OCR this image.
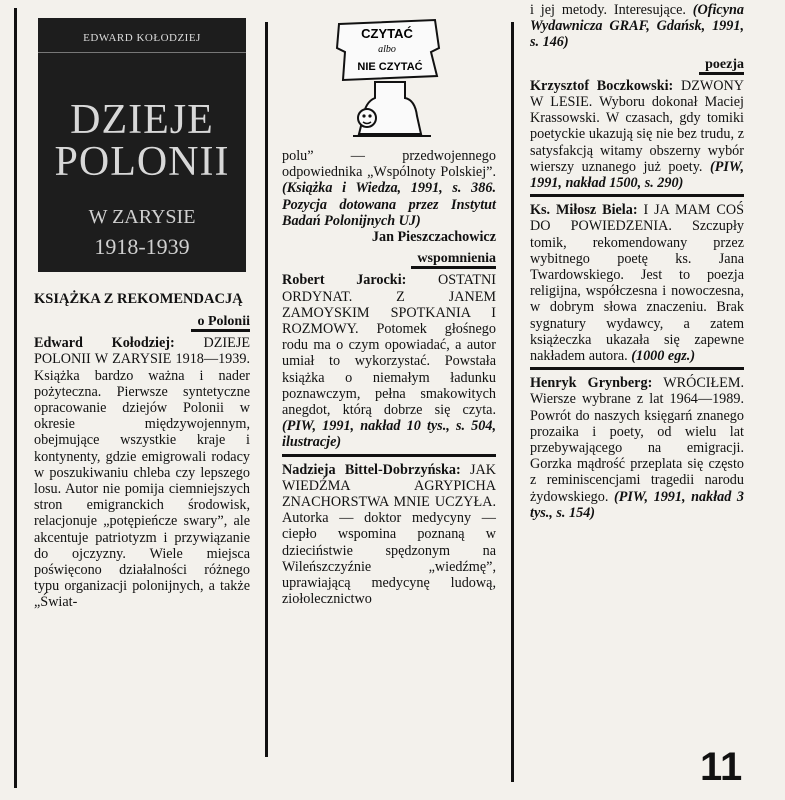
EDWARD KOŁODZIEJ
DZIEJE
POLONII
W ZARYSIE
1918-1939
CZYTAĆ
albo
NIE CZYTAĆ
KSIĄŻKA Z REKOMENDACJĄ
o Polonii

Edward Kołodziej: DZIEJE POLONII W ZARYSIE 1918—1939. Książka bardzo ważna i nader pożyteczna. Pierwsze syntetyczne opracowanie dziejów Polonii w okresie międzywojennym, obejmujące wszystkie kraje i kontynenty, gdzie emigrowali rodacy w poszukiwaniu chleba czy lepszego losu. Autor nie pomija ciemniejszych stron emigranckich środowisk, relacjonuje „potępieńcze swary”, ale akcentuje patriotyzm i przywiązanie do ojczyzny. Wiele miejsca poświęcono działalności różnego typu organizacji polonijnych, a także „Świat-

polu” — przedwojennego odpowiednika „Wspólnoty Polskiej”. (Książka i Wiedza, 1991, s. 386. Pozycja dotowana przez Instytut Badań Polonijnych UJ)
Jan Pieszczachowicz
wspomnienia

Robert Jarocki: OSTATNI ORDYNAT. Z JANEM ZAMOYSKIM SPOTKANIA I ROZMOWY. Potomek głośnego rodu ma o czym opowiadać, a autor umiał to wykorzystać. Powstała książka o niemałym ładunku poznawczym, pełna smakowitych anegdot, którą dobrze się czyta. (PIW, 1991, nakład 10 tys., s. 504, ilustracje)

Nadzieja Bittel-Dobrzyńska: JAK WIEDŹMA AGRYPICHA ZNACHORSTWA MNIE UCZYŁA. Autorka — doktor medycyny — ciepło wspomina poznaną w dzieciństwie spędzonym na Wileńszczyźnie „wiedźmę”, uprawiającą medycynę ludową, ziołolecznictwo

i jej metody. Interesujące. (Oficyna Wydawnicza GRAF, Gdańsk, 1991, s. 146)
poezja

Krzysztof Boczkowski: DZWONY W LESIE. Wyboru dokonał Maciej Krassowski. W czasach, gdy tomiki poetyckie ukazują się nie bez trudu, z satysfakcją witamy obszerny wybór wierszy uznanego już poety. (PIW, 1991, nakład 1500, s. 290)

Ks. Miłosz Biela: I JA MAM COŚ DO POWIEDZENIA. Szczupły tomik, rekomendowany przez wybitnego poetę ks. Jana Twardowskiego. Jest to poezja religijna, współczesna i nowoczesna, w dobrym słowa znaczeniu. Brak sygnatury wydawcy, a zatem książeczka ukazała się zapewne nakładem autora. (1000 egz.)

Henryk Grynberg: WRÓCIŁEM. Wiersze wybrane z lat 1964—1989. Powrót do naszych księgarń znanego prozaika i poety, od wielu lat przebywającego na emigracji. Gorzka mądrość przeplata się często z reminiscencjami tragedii narodu żydowskiego. (PIW, 1991, nakład 3 tys., s. 154)

11
